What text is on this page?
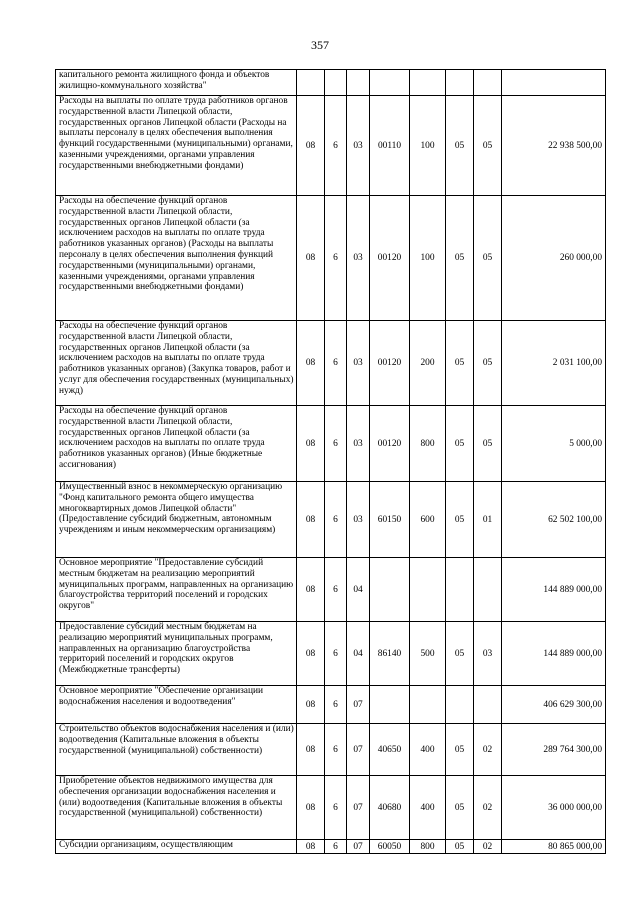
357
капитального ремонта жилищного фонда и объектов жилищно-коммунального хозяйства"								
Расходы на выплаты по оплате труда работников органов государственной власти Липецкой области, государственных органов Липецкой области (Расходы на выплаты персоналу в целях обеспечения выполнения функций государственными (муниципальными) органами, казенными учреждениями, органами управления государственными внебюджетными фондами)	08	6	03	00110	100	05	05	22 938 500,00
Расходы на обеспечение функций органов государственной власти Липецкой области, государственных органов Липецкой области (за исключением расходов на выплаты по оплате труда работников указанных органов) (Расходы на выплаты персоналу в целях обеспечения выполнения функций государственными (муниципальными) органами, казенными учреждениями, органами управления государственными внебюджетными фондами)	08	6	03	00120	100	05	05	260 000,00
Расходы на обеспечение функций органов государственной власти Липецкой области, государственных органов Липецкой области (за исключением расходов на выплаты по оплате труда работников указанных органов) (Закупка товаров, работ и услуг для обеспечения государственных (муниципальных) нужд)	08	6	03	00120	200	05	05	2 031 100,00
Расходы на обеспечение функций органов государственной власти Липецкой области, государственных органов Липецкой области (за исключением расходов на выплаты по оплате труда работников указанных органов) (Иные бюджетные ассигнования)	08	6	03	00120	800	05	05	5 000,00
Имущественный взнос в некоммерческую организацию "Фонд капитального ремонта общего имущества многоквартирных домов Липецкой области" (Предоставление субсидий бюджетным, автономным учреждениям и иным некоммерческим организациям)	08	6	03	60150	600	05	01	62 502 100,00
Основное мероприятие "Предоставление субсидий местным бюджетам на реализацию мероприятий муниципальных программ, направленных на организацию благоустройства территорий поселений и городских округов"	08	6	04					144 889 000,00
Предоставление субсидий местным бюджетам на реализацию мероприятий муниципальных программ, направленных на организацию благоустройства территорий поселений и городских округов (Межбюджетные трансферты)	08	6	04	86140	500	05	03	144 889 000,00
Основное мероприятие "Обеспечение организации водоснабжения населения и водоотведения"	08	6	07					406 629 300,00
Строительство объектов водоснабжения населения и (или) водоотведения (Капитальные вложения в объекты государственной (муниципальной) собственности)	08	6	07	40650	400	05	02	289 764 300,00
Приобретение объектов недвижимого имущества для обеспечения организации водоснабжения населения и (или) водоотведения (Капитальные вложения в объекты государственной (муниципальной) собственности)	08	6	07	40680	400	05	02	36 000 000,00
Субсидии организациям, осуществляющим	08	6	07	60050	800	05	02	80 865 000,00
